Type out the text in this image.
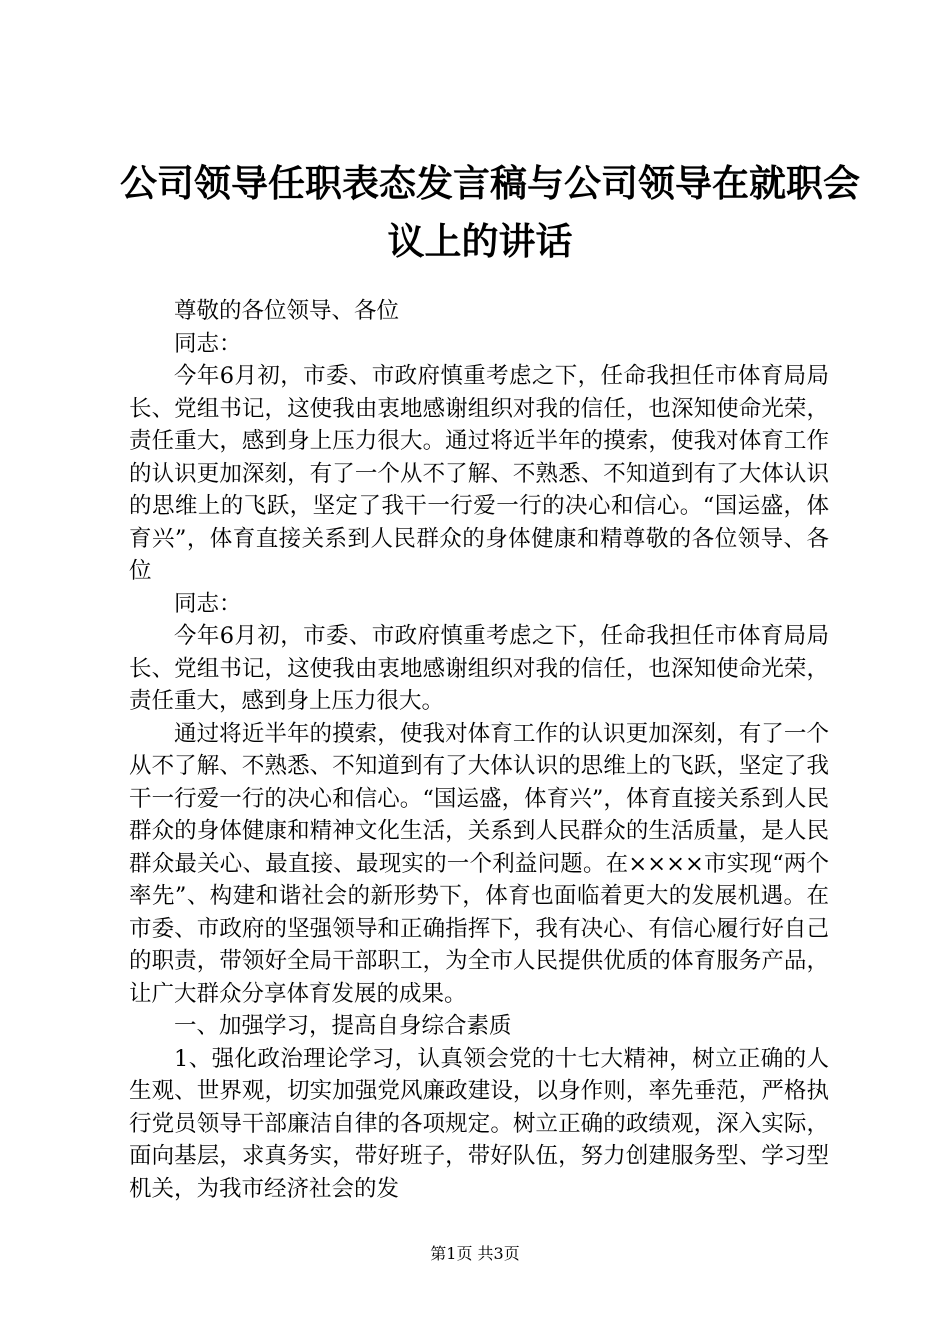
公司领导任职表态发言稿与公司领导在就职会
议上的讲话

尊敬的各位领导、各位

同志：

今年6月初，市委、市政府慎重考虑之下，任命我担任市体育局局长、党组书记，这使我由衷地感谢组织对我的信任，也深知使命光荣，责任重大，感到身上压力很大。通过将近半年的摸索，使我对体育工作的认识更加深刻，有了一个从不了解、不熟悉、不知道到有了大体认识的思维上的飞跃，坚定了我干一行爱一行的决心和信心。“国运盛，体育兴”，体育直接关系到人民群众的身体健康和精尊敬的各位领导、各位

同志：

今年6月初，市委、市政府慎重考虑之下，任命我担任市体育局局长、党组书记，这使我由衷地感谢组织对我的信任，也深知使命光荣，责任重大，感到身上压力很大。

通过将近半年的摸索，使我对体育工作的认识更加深刻，有了一个从不了解、不熟悉、不知道到有了大体认识的思维上的飞跃，坚定了我干一行爱一行的决心和信心。“国运盛，体育兴”，体育直接关系到人民群众的身体健康和精神文化生活，关系到人民群众的生活质量，是人民群众最关心、最直接、最现实的一个利益问题。在××××市实现“两个率先”、构建和谐社会的新形势下，体育也面临着更大的发展机遇。在市委、市政府的坚强领导和正确指挥下，我有决心、有信心履行好自己的职责，带领好全局干部职工，为全市人民提供优质的体育服务产品，让广大群众分享体育发展的成果。

一、加强学习，提高自身综合素质

1、强化政治理论学习，认真领会党的十七大精神，树立正确的人生观、世界观，切实加强党风廉政建设，以身作则，率先垂范，严格执行党员领导干部廉洁自律的各项规定。树立正确的政绩观，深入实际，面向基层，求真务实，带好班子，带好队伍，努力创建服务型、学习型机关，为我市经济社会的发

第1页 共3页
